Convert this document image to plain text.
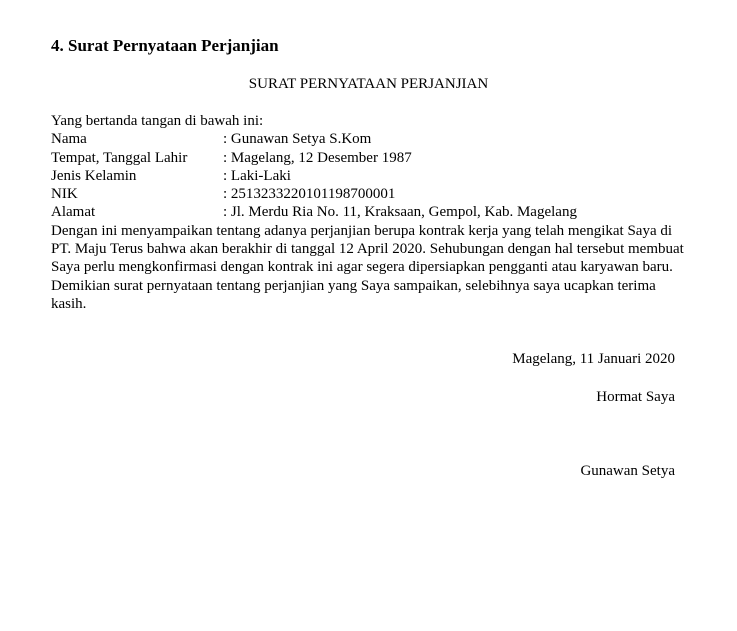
4. Surat Pernyataan Perjanjian
SURAT PERNYATAAN PERJANJIAN

Yang bertanda tangan di bawah ini:

Nama	: Gunawan Setya S.Kom
Tempat, Tanggal Lahir : Magelang, 12 Desember 1987
Jenis Kelamin	: Laki-Laki
NIK	: 2513233220101198700001
Alamat	: Jl. Merdu Ria No. 11, Kraksaan, Gempol, Kab. Magelang

Dengan ini menyampaikan tentang adanya perjanjian berupa kontrak kerja yang telah mengikat Saya di PT. Maju Terus bahwa akan berakhir di tanggal 12 April 2020. Sehubungan dengan hal tersebut membuat Saya perlu mengkonfirmasi dengan kontrak ini agar segera dipersiapkan pengganti atau karyawan baru.

Demikian surat pernyataan tentang perjanjian yang Saya sampaikan, selebihnya saya ucapkan terima kasih.

Magelang, 11 Januari 2020
Hormat Saya
Gunawan Setya
